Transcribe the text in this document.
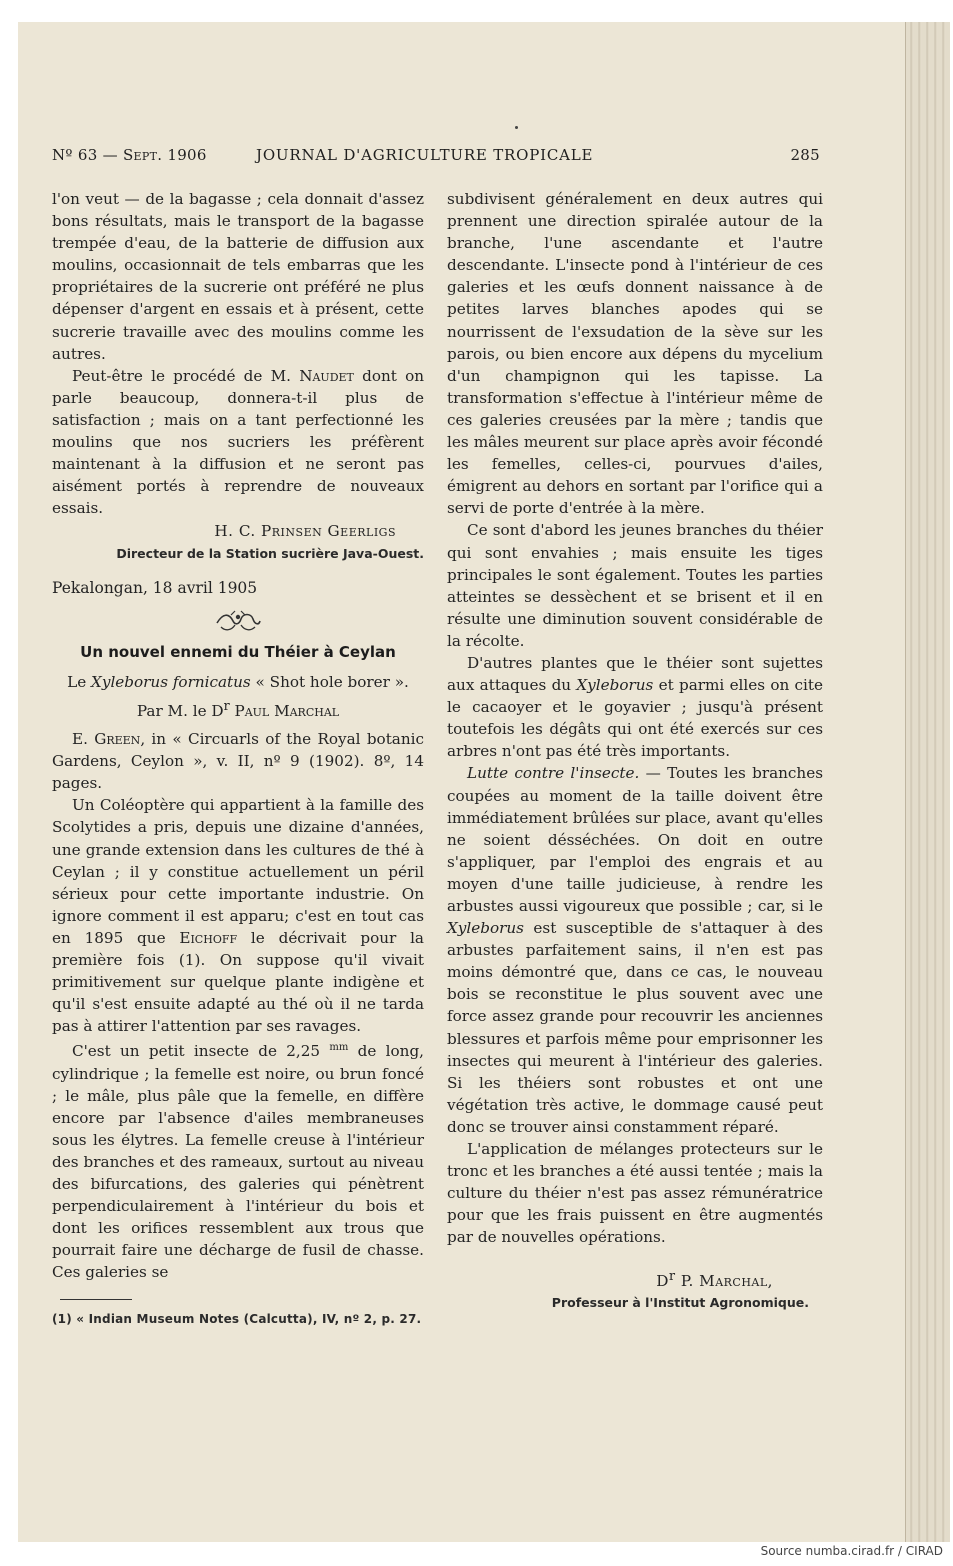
Nº 63 — Sept. 1906	JOURNAL D'AGRICULTURE TROPICALE	285

l'on veut — de la bagasse ; cela donnait d'assez bons résultats, mais le transport de la bagasse trempée d'eau, de la batterie de diffusion aux moulins, occasionnait de tels embarras que les propriétaires de la sucrerie ont préféré ne plus dépenser d'argent en essais et à présent, cette sucrerie travaille avec des moulins comme les autres.

Peut-être le procédé de M. Naudet dont on parle beaucoup, donnera-t-il plus de satisfaction ; mais on a tant perfectionné les moulins que nos sucriers les préfèrent maintenant à la diffusion et ne seront pas aisément portés à reprendre de nouveaux essais.

H. C. Prinsen Geerligs
Directeur de la Station sucrière Java-Ouest.
Pekalongan, 18 avril 1905
Un nouvel ennemi du Théier à Ceylan
Le Xyleborus fornicatus « Shot hole borer ».
Par M. le $D^r$ Paul Marchal

E. Green, in « Circuarls of the Royal botanic Gardens, Ceylon », v. II, nº 9 (1902). 8º, 14 pages.

Un Coléoptère qui appartient à la famille des Scolytides a pris, depuis une dizaine d'années, une grande extension dans les cultures de thé à Ceylan ; il y constitue actuellement un péril sérieux pour cette importante industrie. On ignore comment il est apparu; c'est en tout cas en 1895 que Eichoff le décrivait pour la première fois (1). On suppose qu'il vivait primitivement sur quelque plante indigène et qu'il s'est ensuite adapté au thé où il ne tarda pas à attirer l'attention par ses ravages.

C'est un petit insecte de 2,25 $^{mm}$ de long, cylindrique ; la femelle est noire, ou brun foncé ; le mâle, plus pâle que la femelle, en diffère encore par l'absence d'ailes membraneuses sous les élytres. La femelle creuse à l'intérieur des branches et des rameaux, surtout au niveau des bifurcations, des galeries qui pénètrent perpendiculairement à l'intérieur du bois et dont les orifices ressemblent aux trous que pourrait faire une décharge de fusil de chasse. Ces galeries se

(1) « Indian Museum Notes (Calcutta), IV, nº 2, p. 27.

subdivisent généralement en deux autres qui prennent une direction spiralée autour de la branche, l'une ascendante et l'autre descendante. L'insecte pond à l'intérieur de ces galeries et les œufs donnent naissance à de petites larves blanches apodes qui se nourrissent de l'exsudation de la sève sur les parois, ou bien encore aux dépens du mycelium d'un champignon qui les tapisse. La transformation s'effectue à l'intérieur même de ces galeries creusées par la mère ; tandis que les mâles meurent sur place après avoir fécondé les femelles, celles-ci, pourvues d'ailes, émigrent au dehors en sortant par l'orifice qui a servi de porte d'entrée à la mère.

Ce sont d'abord les jeunes branches du théier qui sont envahies ; mais ensuite les tiges principales le sont également. Toutes les parties atteintes se dessèchent et se brisent et il en résulte une diminution souvent considérable de la récolte.

D'autres plantes que le théier sont sujettes aux attaques du Xyleborus et parmi elles on cite le cacaoyer et le goyavier ; jusqu'à présent toutefois les dégâts qui ont été exercés sur ces arbres n'ont pas été très importants.

Lutte contre l'insecte. — Toutes les branches coupées au moment de la taille doivent être immédiatement brûlées sur place, avant qu'elles ne soient désséchées. On doit en outre s'appliquer, par l'emploi des engrais et au moyen d'une taille judicieuse, à rendre les arbustes aussi vigoureux que possible ; car, si le Xyleborus est susceptible de s'attaquer à des arbustes parfaitement sains, il n'en est pas moins démontré que, dans ce cas, le nouveau bois se reconstitue le plus souvent avec une force assez grande pour recouvrir les anciennes blessures et parfois même pour emprisonner les insectes qui meurent à l'intérieur des galeries. Si les théiers sont robustes et ont une végétation très active, le dommage causé peut donc se trouver ainsi constamment réparé.

L'application de mélanges protecteurs sur le tronc et les branches a été aussi tentée ; mais la culture du théier n'est pas assez rémunératrice pour que les frais puissent en être augmentés par de nouvelles opérations.

$D^r$ P. Marchal,
Professeur à l'Institut Agronomique.
Source numba.cirad.fr / CIRAD
